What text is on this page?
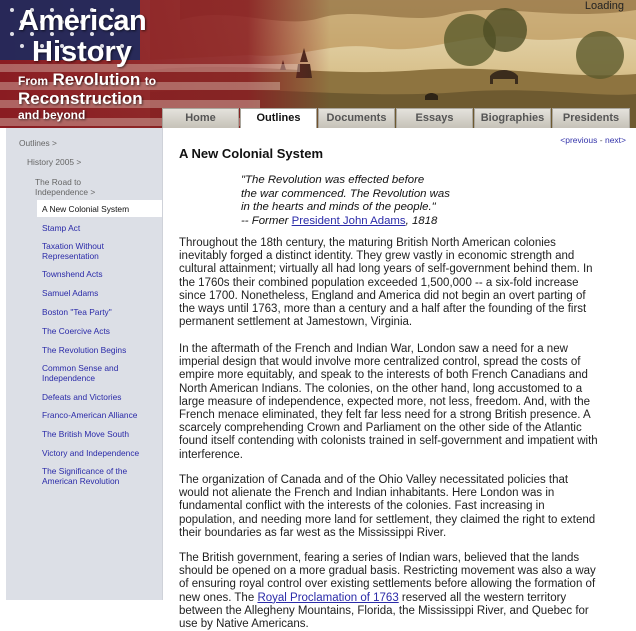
American
History
From Revolution to
Reconstruction
and beyond
Loading
Home	Outlines	Documents	Essays	Biographies	Presidents
Outlines >
History 2005 >
The Road to Independence >
A New Colonial System
Stamp Act
Taxation Without Representation
Townshend Acts
Samuel Adams
Boston "Tea Party"
The Coercive Acts
The Revolution Begins
Common Sense and Independence
Defeats and Victories
Franco-American Alliance
The British Move South
Victory and Independence
The Significance of the American Revolution
<previous - next>
A New Colonial System
"The Revolution was effected before
the war commenced. The Revolution was
in the hearts and minds of the people."
-- Former President John Adams, 1818

Throughout the 18th century, the maturing British North American colonies inevitably forged a distinct identity. They grew vastly in economic strength and cultural attainment; virtually all had long years of self-government behind them. In the 1760s their combined population exceeded 1,500,000 -- a six-fold increase since 1700. Nonetheless, England and America did not begin an overt parting of the ways until 1763, more than a century and a half after the founding of the first permanent settlement at Jamestown, Virginia.

In the aftermath of the French and Indian War, London saw a need for a new imperial design that would involve more centralized control, spread the costs of empire more equitably, and speak to the interests of both French Canadians and North American Indians. The colonies, on the other hand, long accustomed to a large measure of independence, expected more, not less, freedom. And, with the French menace eliminated, they felt far less need for a strong British presence. A scarcely comprehending Crown and Parliament on the other side of the Atlantic found itself contending with colonists trained in self-government and impatient with interference.

The organization of Canada and of the Ohio Valley necessitated policies that would not alienate the French and Indian inhabitants. Here London was in fundamental conflict with the interests of the colonies. Fast increasing in population, and needing more land for settlement, they claimed the right to extend their boundaries as far west as the Mississippi River.

The British government, fearing a series of Indian wars, believed that the lands should be opened on a more gradual basis. Restricting movement was also a way of ensuring royal control over existing settlements before allowing the formation of new ones. The Royal Proclamation of 1763 reserved all the western territory between the Allegheny Mountains, Florida, the Mississippi River, and Quebec for use by Native Americans.
